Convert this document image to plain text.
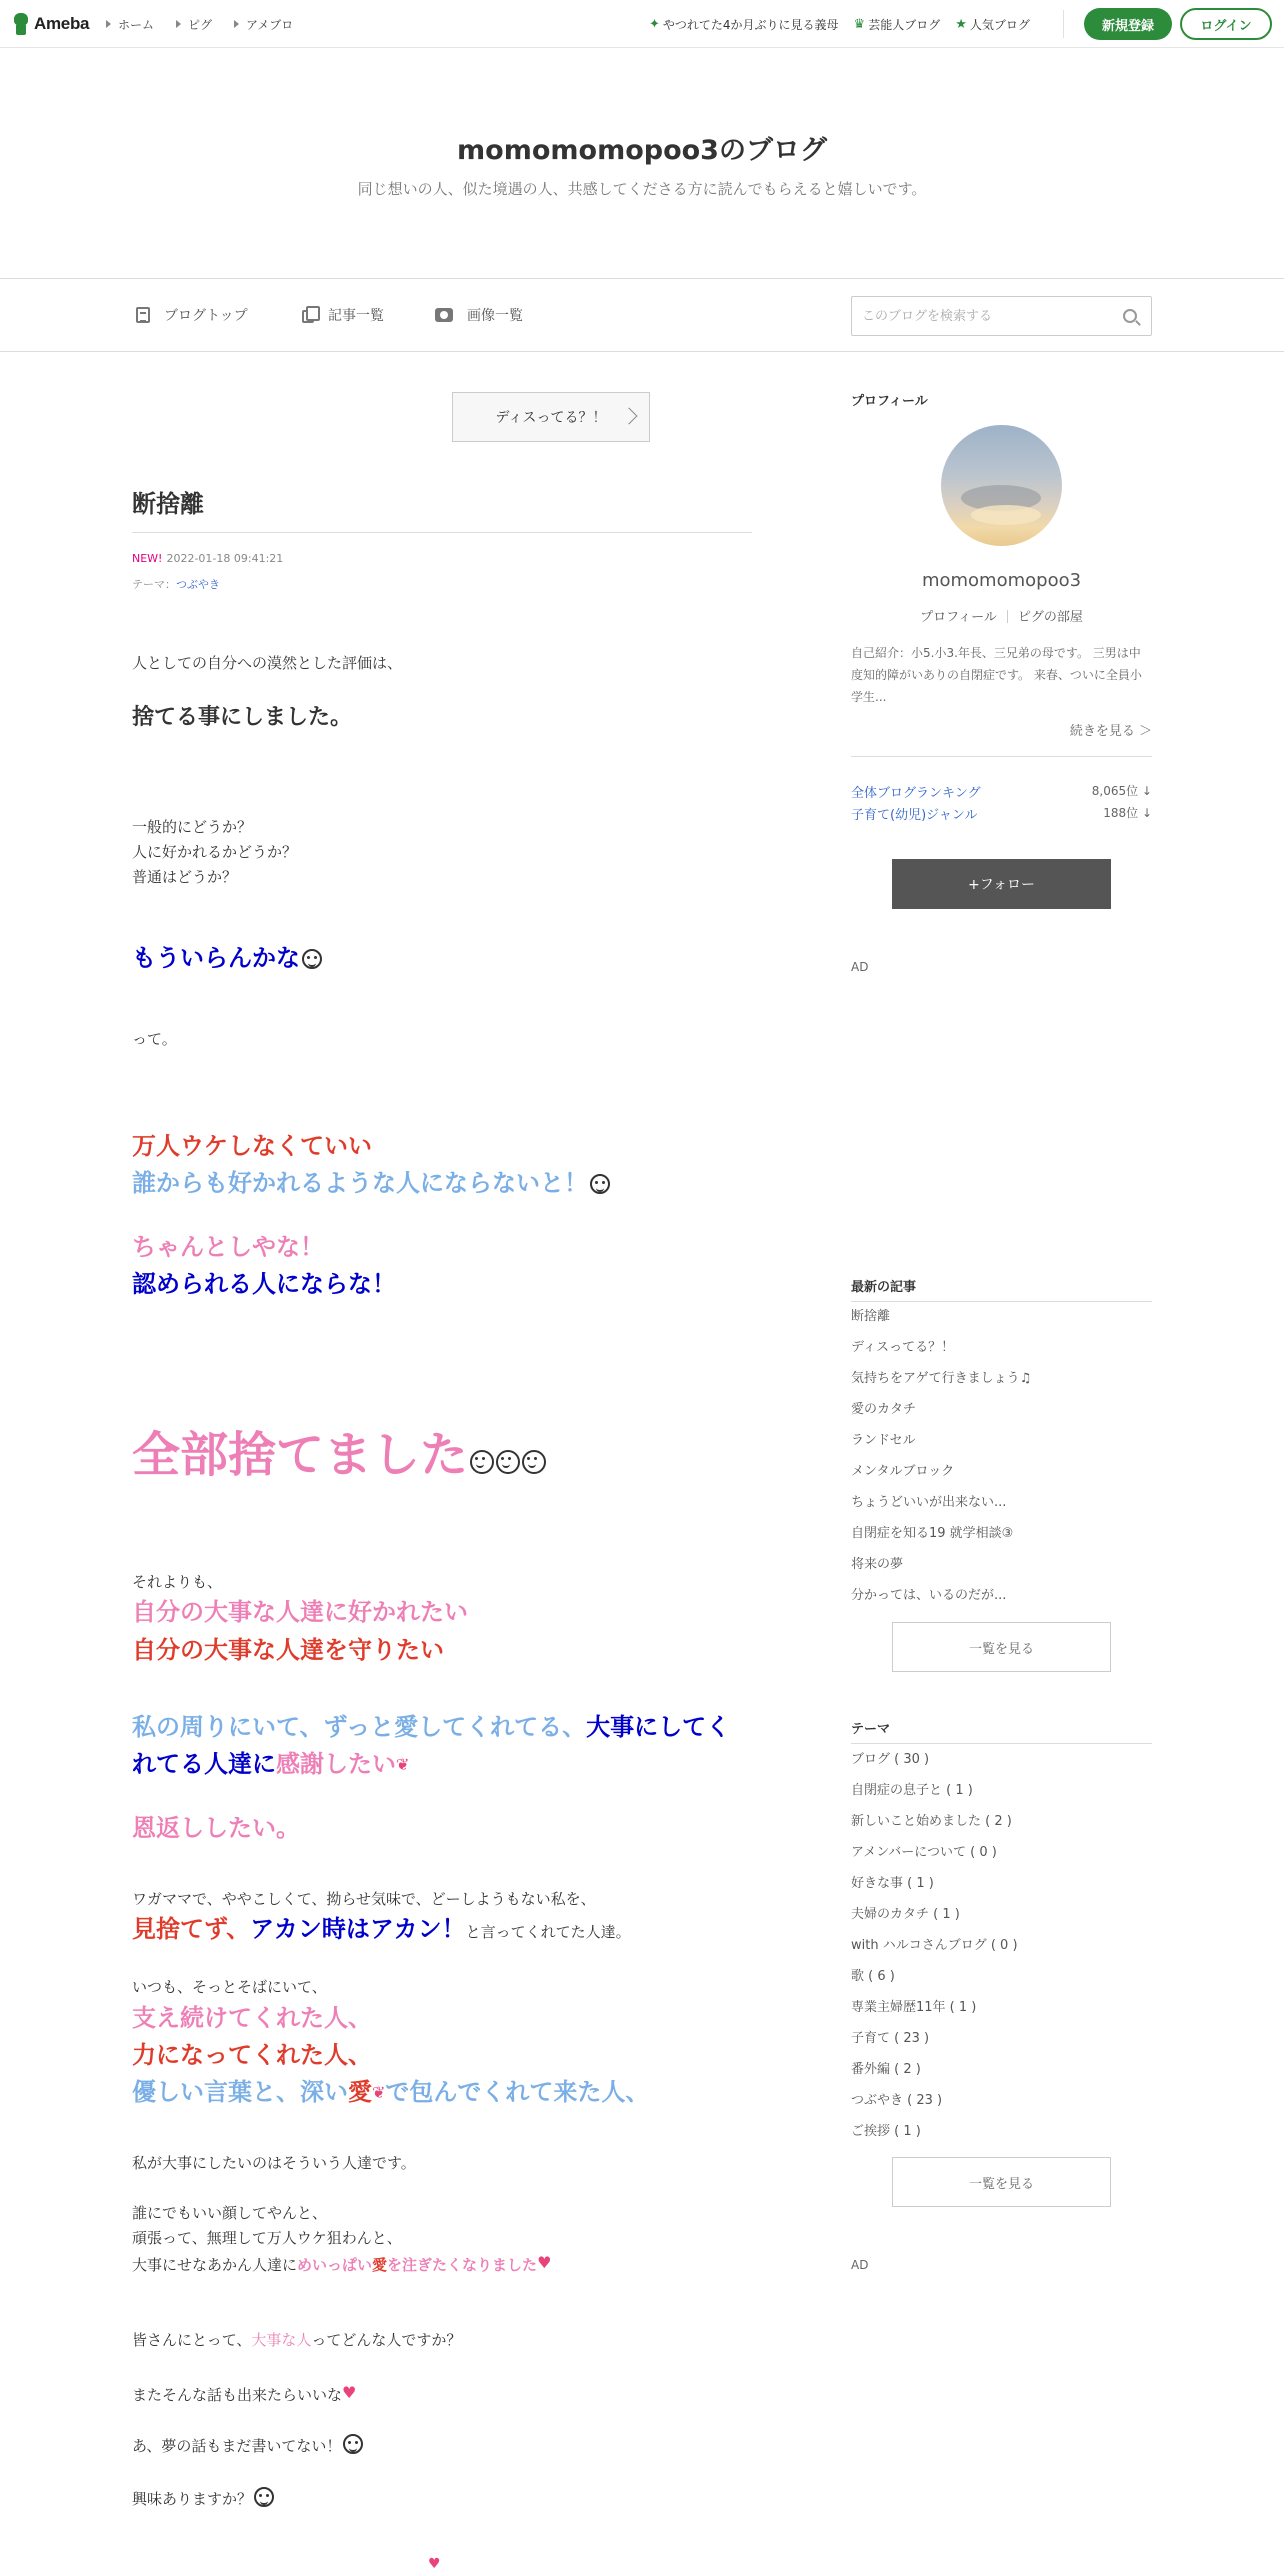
Ameba	ホーム	ピグ	アメブロ	✦ やつれてた4か月ぶりに見る義母 ♛ 芸能人ブログ ★ 人気ブログ	新規登録	ログイン
momomomopoo3のブログ
同じ想いの人、似た境遇の人、共感してくださる方に読んでもらえると嬉しいです。
ブログトップ	記事一覧	画像一覧
このブログを検索する
ディスってる？！
断捨離
NEW! 2022-01-18 09:41:21
テーマ：つぶやき
人としての自分への漠然とした評価は、
捨てる事にしました。
一般的にどうか？
人に好かれるかどうか？
普通はどうか？
もういらんかな
って。
万人ウケしなくていい
誰からも好かれるような人にならないと！
ちゃんとしやな！
認められる人にならな！
全部捨てました
それよりも、
自分の大事な人達に好かれたい
自分の大事な人達を守りたい
私の周りにいて、ずっと愛してくれてる、大事にしてく
れてる人達に感謝したい❦
恩返ししたい。
ワガママで、ややこしくて、拗らせ気味で、どーしようもない私を、
見捨てず、アカン時はアカン！と言ってくれてた人達。
いつも、そっとそばにいて、
支え続けてくれた人、
力になってくれた人、
優しい言葉と、深い愛❦で包んでくれて来た人、
私が大事にしたいのはそういう人達です。
誰にでもいい顔してやんと、
頑張って、無理して万人ウケ狙わんと、
大事にせなあかん人達にめいっぱい愛を注ぎたくなりました♥
皆さんにとって、大事な人ってどんな人ですか？
またそんな話も出来たらいいな♥
あ、夢の話もまだ書いてない！
興味ありますか？
♥
プロフィール
momomomopoo3
プロフィール ピグの部屋
自己紹介：小5.小3.年長、三兄弟の母です。 三男は中度知的障がいありの自閉症です。 来春、ついに全員小学生...
続きを見る ＞
全体ブログランキング	8,065位 ↓
子育て(幼児)ジャンル	188位 ↓
+フォロー
AD
最新の記事
断捨離
ディスってる？！
気持ちをアゲて行きましょう♫
愛のカタチ
ランドセル
メンタルブロック
ちょうどいいが出来ない...
自閉症を知る19 就学相談③
将来の夢
分かっては、いるのだが...
一覧を見る
テーマ
ブログ ( 30 )
自閉症の息子と ( 1 )
新しいこと始めました ( 2 )
アメンバーについて ( 0 )
好きな事 ( 1 )
夫婦のカタチ ( 1 )
with ハルコさんブログ ( 0 )
歌 ( 6 )
専業主婦歴11年 ( 1 )
子育て ( 23 )
番外編 ( 2 )
つぶやき ( 23 )
ご挨拶 ( 1 )
一覧を見る
AD
